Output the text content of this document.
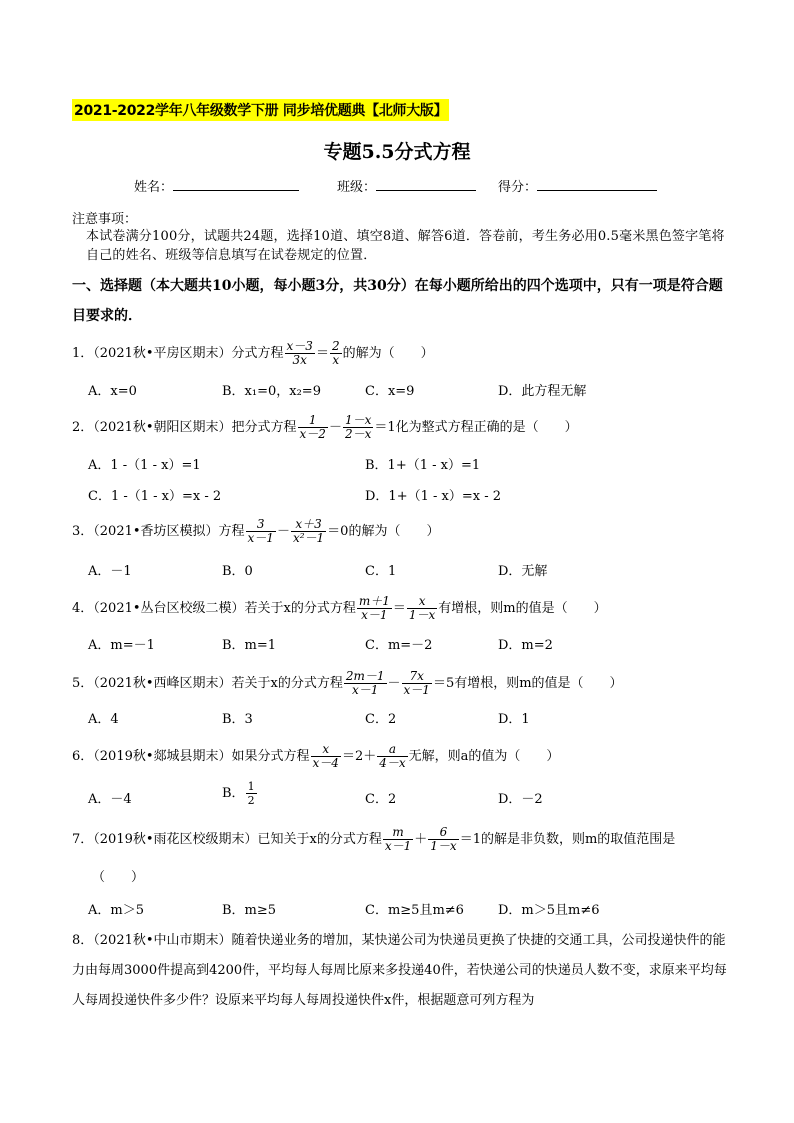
2021-2022学年八年级数学下册 同步培优题典【北师大版】
专题5.5分式方程
姓名：	班级：	得分：
注意事项：
本试卷满分100分，试题共24题，选择10道、填空8道、解答6道．答卷前，考生务必用0.5毫米黑色签字笔将自己的姓名、班级等信息填写在试卷规定的位置．
一、选择题（本大题共10小题，每小题3分，共30分）在每小题所给出的四个选项中，只有一项是符合题目要求的．
1．（2021秋•平房区期末）分式方程 $\frac{x-3}{3x} = \frac{2}{x}$ 的解为（　　）
A．x=0	B．x₁=0，x₂=9	C．x=9	D．此方程无解
2．（2021秋•朝阳区期末）把分式方程 $\frac{1}{x-2} - \frac{1-x}{2-x} =1$化为整式方程正确的是（　　）
A．1 -（1 - x）=1	B．1+（1 - x）=1
C．1 -（1 - x）=x - 2	D．1+（1 - x）=x - 2
3．（2021•香坊区模拟）方程 $\frac{3}{x-1} - \frac{x+3}{\text{x²－1}} =0$的解为（　　）
A．－1	B．0	C．1	D．无解
4．（2021•丛台区校级二模）若关于x的分式方程 $\frac{m+1}{x-1} = \frac{x}{1-x}$ 有增根，则m的值是（　　）
A．m=－1	B．m=1	C．m=－2	D．m=2
5．（2021秋•西峰区期末）若关于x的分式方程 $\frac{2m-1}{x-1} - \frac{7x}{x-1} =5$有增根，则m的值是（　　）
A．4	B．3	C．2	D．1
6．（2019秋•郯城县期末）如果分式方程 $\frac{x}{x-4} =2+ \frac{a}{4-x}$ 无解，则a的值为（　　）
A．－4	B． $\frac{1}{2}$	C．2	D．－2
7．（2019秋•雨花区校级期末）已知关于x的分式方程 $\frac{m}{x-1} + \frac{6}{1-x} =1$的解是非负数，则m的取值范围是
（　　）
A．m＞5	B．m≥5	C．m≥5且m≠6	D．m＞5且m≠6
8．（2021秋•中山市期末）随着快递业务的增加，某快递公司为快递员更换了快捷的交通工具，公司投递快件的能力由每周3000件提高到4200件，平均每人每周比原来多投递40件，若快递公司的快递员人数不变，求原来平均每人每周投递快件多少件？设原来平均每人每周投递快件x件，根据题意可列方程为
